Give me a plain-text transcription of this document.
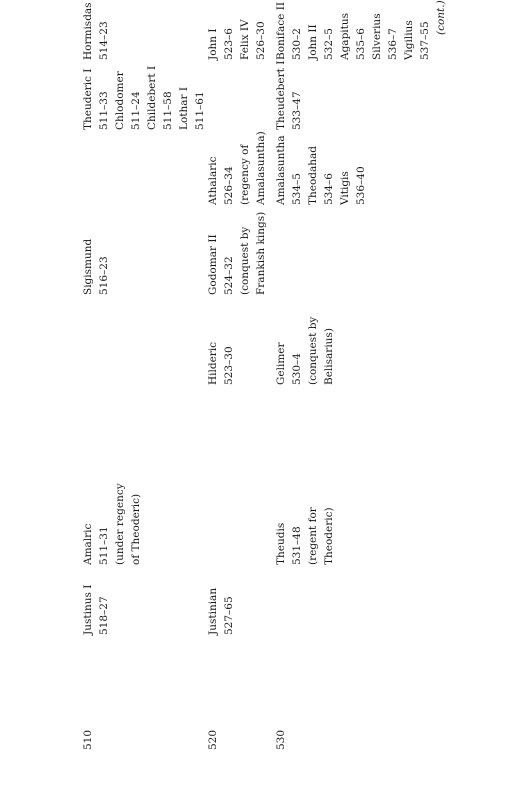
510	520	530
Justinus I 518–27
Amalric 511–31 (under regency of Theoderic)
Sigismund 516–23
Theuderic I 511–33 Chlodomer 511–24 Childebert I 511–58 Lothar I 511–61
Hormisdas 514–23
Justinian 527–65
Hilderic 523–30
Godomar II 524–32 (conquest by Frankish kings)
Athalaric 526–34 (regency of Amalasuntha)
John I 523–6 Felix IV 526–30
Theudis 531–48 (regent for Theoderic)
Gelimer 530–4 (conquest by Belisarius)
Amalasuntha 534–5 Theodahad 534–6 Vitigis 536–40
Theudebert I 533–47
Boniface II 530–2 John II 532–5 Agapitus 535–6 Silverius 536–7 Vigilius 537–55
(cont.)
